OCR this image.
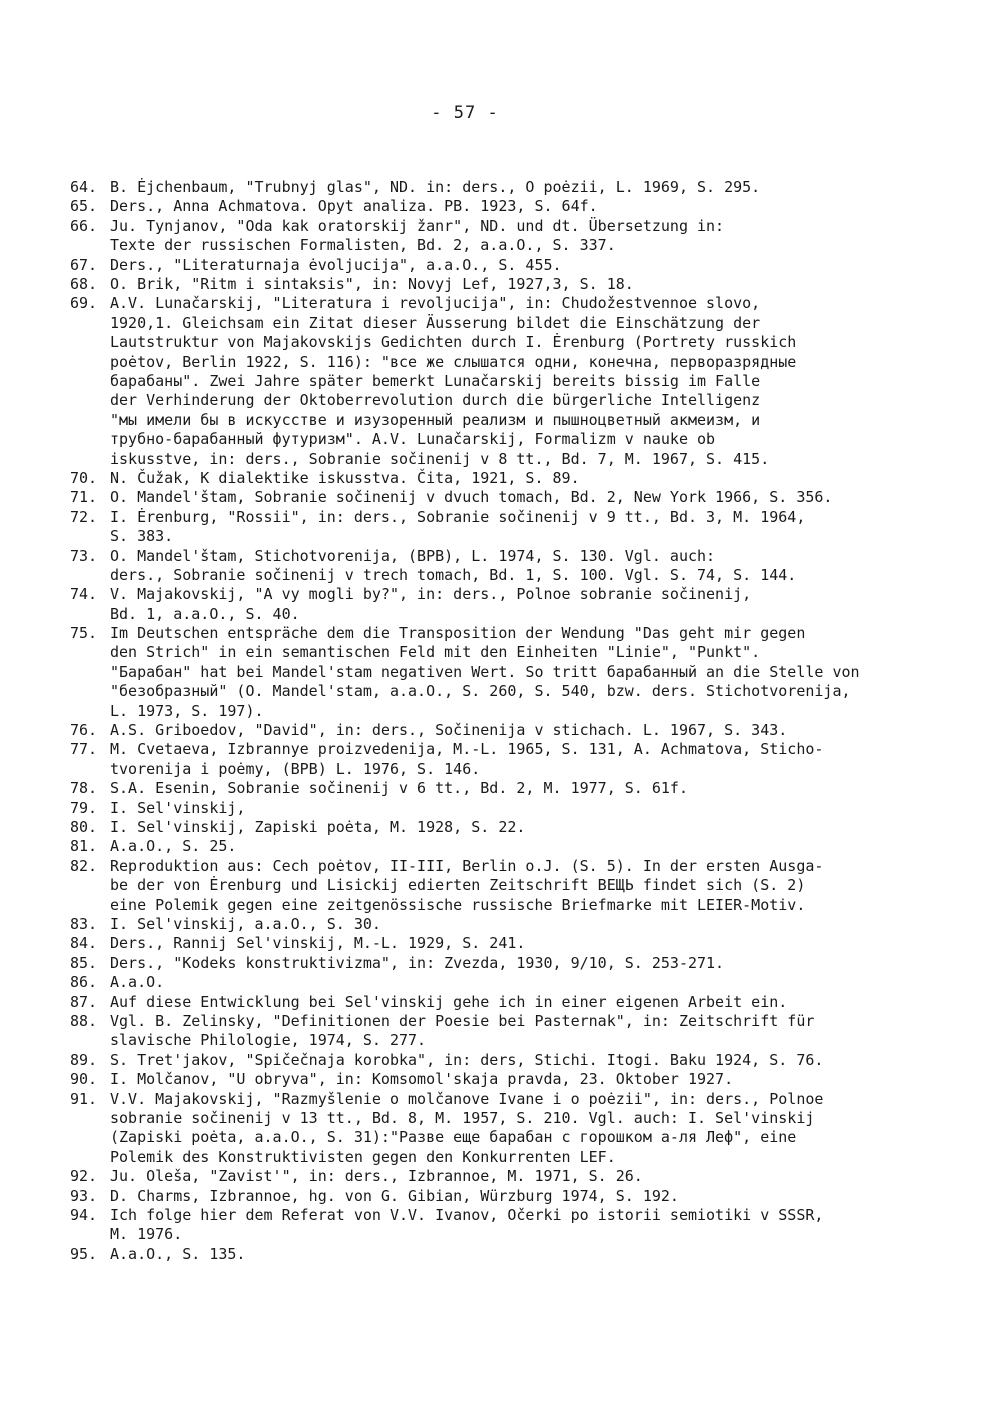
- 57 -
64. B. Ėjchenbaum, "Trubnyj glas", ND. in: ders., O poėzii, L. 1969, S. 295.
65. Ders., Anna Achmatova. Opyt analiza. PB. 1923, S. 64f.
66. Ju. Tynjanov, "Oda kak oratorskij žanr", ND. und dt. Übersetzung in:
Texte der russischen Formalisten, Bd. 2, a.a.O., S. 337.
67. Ders., "Literaturnaja ėvoljucija", a.a.O., S. 455.
68. O. Brik, "Ritm i sintaksis", in: Novyj Lef, 1927,3, S. 18.
69. A.V. Lunačarskij, "Literatura i revoljucija", in: Chudožestvennoe slovo,
1920,1. Gleichsam ein Zitat dieser Äusserung bildet die Einschätzung der
Lautstruktur von Majakovskijs Gedichten durch I. Ėrenburg (Portrety russkich
poėtov, Berlin 1922, S. 116): "все же слышатся одни, конечна, перворазрядные
барабаны". Zwei Jahre später bemerkt Lunačarskij bereits bissig im Falle
der Verhinderung der Oktoberrevolution durch die bürgerliche Intelligenz
"мы имели бы в искусстве и изузоренный реализм и пышноцветный акмеизм, и
трубно-барабанный футуризм". A.V. Lunačarskij, Formalizm v nauke ob
iskusstve, in: ders., Sobranie sočinenij v 8 tt., Bd. 7, M. 1967, S. 415.
70. N. Čužak, K dialektike iskusstva. Čita, 1921, S. 89.
71. O. Mandel'štam, Sobranie sočinenij v dvuch tomach, Bd. 2, New York 1966, S. 356.
72. I. Ėrenburg, "Rossii", in: ders., Sobranie sočinenij v 9 tt., Bd. 3, M. 1964,
S. 383.
73. O. Mandel'štam, Stichotvorenija, (BPB), L. 1974, S. 130. Vgl. auch:
ders., Sobranie sočinenij v trech tomach, Bd. 1, S. 100. Vgl. S. 74, S. 144.
74. V. Majakovskij, "A vy mogli by?", in: ders., Polnoe sobranie sočinenij,
Bd. 1, a.a.O., S. 40.
75. Im Deutschen entspräche dem die Transposition der Wendung "Das geht mir gegen
den Strich" in ein semantischen Feld mit den Einheiten "Linie", "Punkt".
"Барабан" hat bei Mandel'stam negativen Wert. So tritt барабанный an die Stelle von
"безобразный" (O. Mandel'stam, a.a.O., S. 260, S. 540, bzw. ders. Stichotvorenija,
L. 1973, S. 197).
76. A.S. Griboedov, "David", in: ders., Sočinenija v stichach. L. 1967, S. 343.
77. M. Cvetaeva, Izbrannye proizvedenija, M.-L. 1965, S. 131, A. Achmatova, Sticho-
tvorenija i poėmy, (BPB) L. 1976, S. 146.
78. S.A. Esenin, Sobranie sočinenij v 6 tt., Bd. 2, M. 1977, S. 61f.
79. I. Sel'vinskij,
80. I. Sel'vinskij, Zapiski poėta, M. 1928, S. 22.
81. A.a.O., S. 25.
82. Reproduktion aus: Cech poėtov, II-III, Berlin o.J. (S. 5). In der ersten Ausga-
be der von Ėrenburg und Lisickij edierten Zeitschrift ВЕЩЬ findet sich (S. 2)
eine Polemik gegen eine zeitgenössische russische Briefmarke mit LEIER-Motiv.
83. I. Sel'vinskij, a.a.O., S. 30.
84. Ders., Rannij Sel'vinskij, M.-L. 1929, S. 241.
85. Ders., "Kodeks konstruktivizma", in: Zvezda, 1930, 9/10, S. 253-271.
86. A.a.O.
87. Auf diese Entwicklung bei Sel'vinskij gehe ich in einer eigenen Arbeit ein.
88. Vgl. B. Zelinsky, "Definitionen der Poesie bei Pasternak", in: Zeitschrift für
slavische Philologie, 1974, S. 277.
89. S. Tret'jakov, "Spičečnaja korobka", in: ders, Stichi. Itogi. Baku 1924, S. 76.
90. I. Molčanov, "U obryva", in: Komsomol'skaja pravda, 23. Oktober 1927.
91. V.V. Majakovskij, "Razmyšlenie o molčanove Ivane i o poėzii", in: ders., Polnoe
sobranie sočinenij v 13 tt., Bd. 8, M. 1957, S. 210. Vgl. auch: I. Sel'vinskij
(Zapiski poėta, a.a.O., S. 31):"Разве еще барабан с горошком а-ля Леф", eine
Polemik des Konstruktivisten gegen den Konkurrenten LEF.
92. Ju. Oleša, "Zavist'", in: ders., Izbrannoe, M. 1971, S. 26.
93. D. Charms, Izbrannoe, hg. von G. Gibian, Würzburg 1974, S. 192.
94. Ich folge hier dem Referat von V.V. Ivanov, Očerki po istorii semiotiki v SSSR,
M. 1976.
95. A.a.O., S. 135.
